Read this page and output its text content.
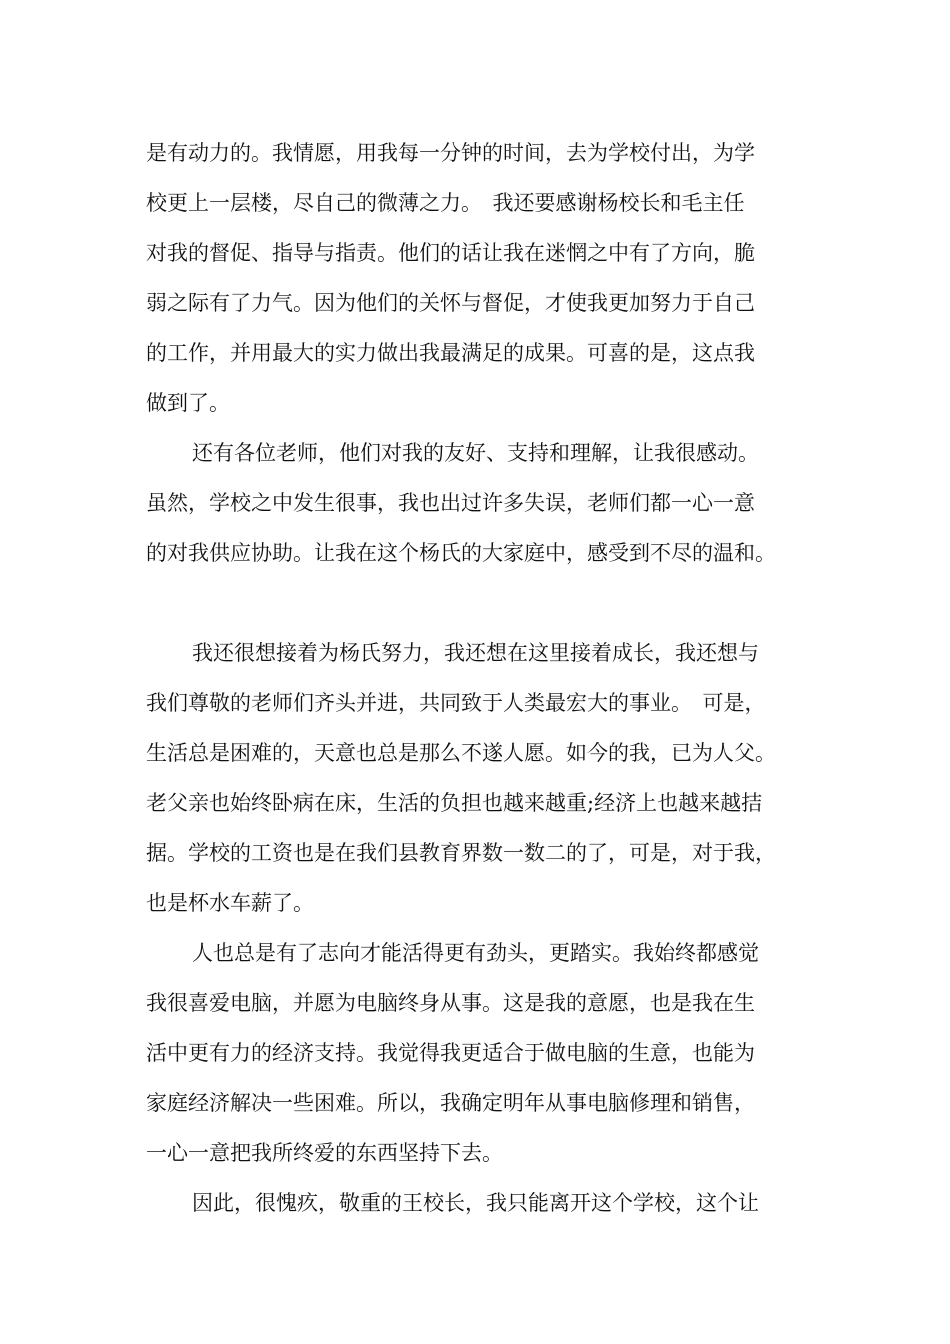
是有动力的。我情愿，用我每一分钟的时间，去为学校付出，为学
校更上一层楼，尽自己的微薄之力。　我还要感谢杨校长和毛主任
对我的督促、指导与指责。他们的话让我在迷惘之中有了方向，脆
弱之际有了力气。因为他们的关怀与督促，才使我更加努力于自己
的工作，并用最大的实力做出我最满足的成果。可喜的是，这点我
做到了。
还有各位老师，他们对我的友好、支持和理解，让我很感动。
虽然，学校之中发生很事，我也出过许多失误，老师们都一心一意
的对我供应协助。让我在这个杨氏的大家庭中，感受到不尽的温和。
我还很想接着为杨氏努力，我还想在这里接着成长，我还想与
我们尊敬的老师们齐头并进，共同致于人类最宏大的事业。　可是，
生活总是困难的，天意也总是那么不遂人愿。如今的我，已为人父。
老父亲也始终卧病在床，生活的负担也越来越重;经济上也越来越拮
据。学校的工资也是在我们县教育界数一数二的了，可是，对于我，
也是杯水车薪了。
人也总是有了志向才能活得更有劲头，更踏实。我始终都感觉
我很喜爱电脑，并愿为电脑终身从事。这是我的意愿，也是我在生
活中更有力的经济支持。我觉得我更适合于做电脑的生意，也能为
家庭经济解决一些困难。所以，我确定明年从事电脑修理和销售，
一心一意把我所终爱的东西坚持下去。
因此，很愧疚，敬重的王校长，我只能离开这个学校，这个让
